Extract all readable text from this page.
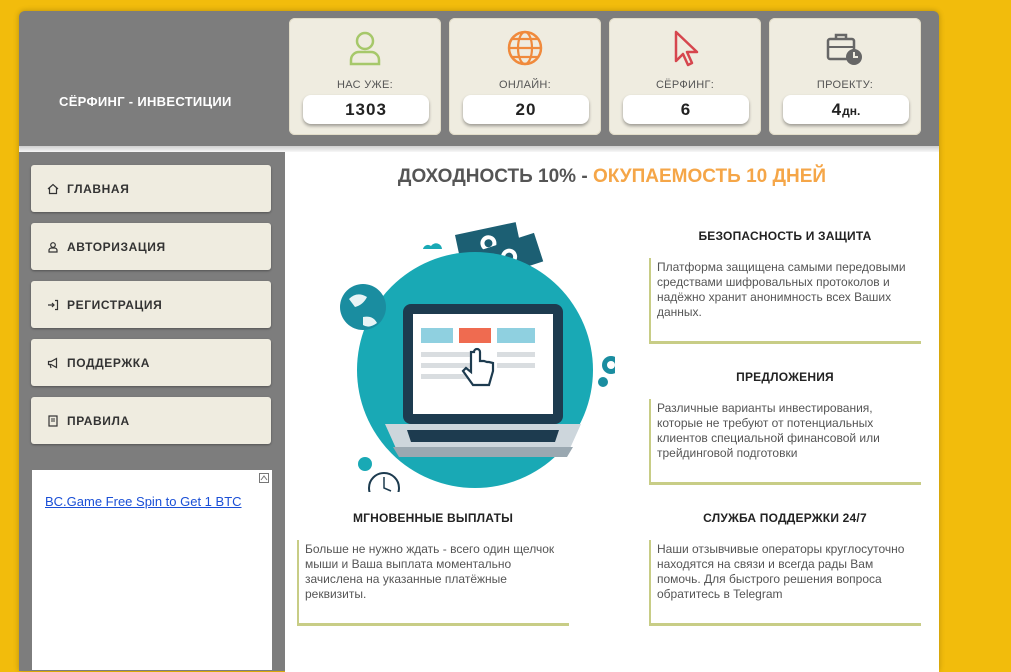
СЁРФИНГ - ИНВЕСТИЦИИ
НАС УЖЕ:
1303
ОНЛАЙН:
20
СЁРФИНГ:
6
ПРОЕКТУ:
4дн.
ГЛАВНАЯ
АВТОРИЗАЦИЯ
РЕГИСТРАЦИЯ
ПОДДЕРЖКА
ПРАВИЛА
BC.Game Free Spin to Get 1 BTC
ДОХОДНОСТЬ 10% - ОКУПАЕМОСТЬ 10 ДНЕЙ
БЕЗОПАСНОСТЬ И ЗАЩИТА
Платформа защищена самыми передовыми средствами шифровальных протоколов и надёжно хранит анонимность всех Ваших данных.
ПРЕДЛОЖЕНИЯ
Различные варианты инвестирования, которые не требуют от потенциальных клиентов специальной финансовой или трейдинговой подготовки
МГНОВЕННЫЕ ВЫПЛАТЫ
Больше не нужно ждать - всего один щелчок мыши и Ваша выплата моментально зачислена на указанные платёжные реквизиты.
СЛУЖБА ПОДДЕРЖКИ 24/7
Наши отзывчивые операторы круглосуточно находятся на связи и всегда рады Вам помочь. Для быстрого решения вопроса обратитесь в Telegram
